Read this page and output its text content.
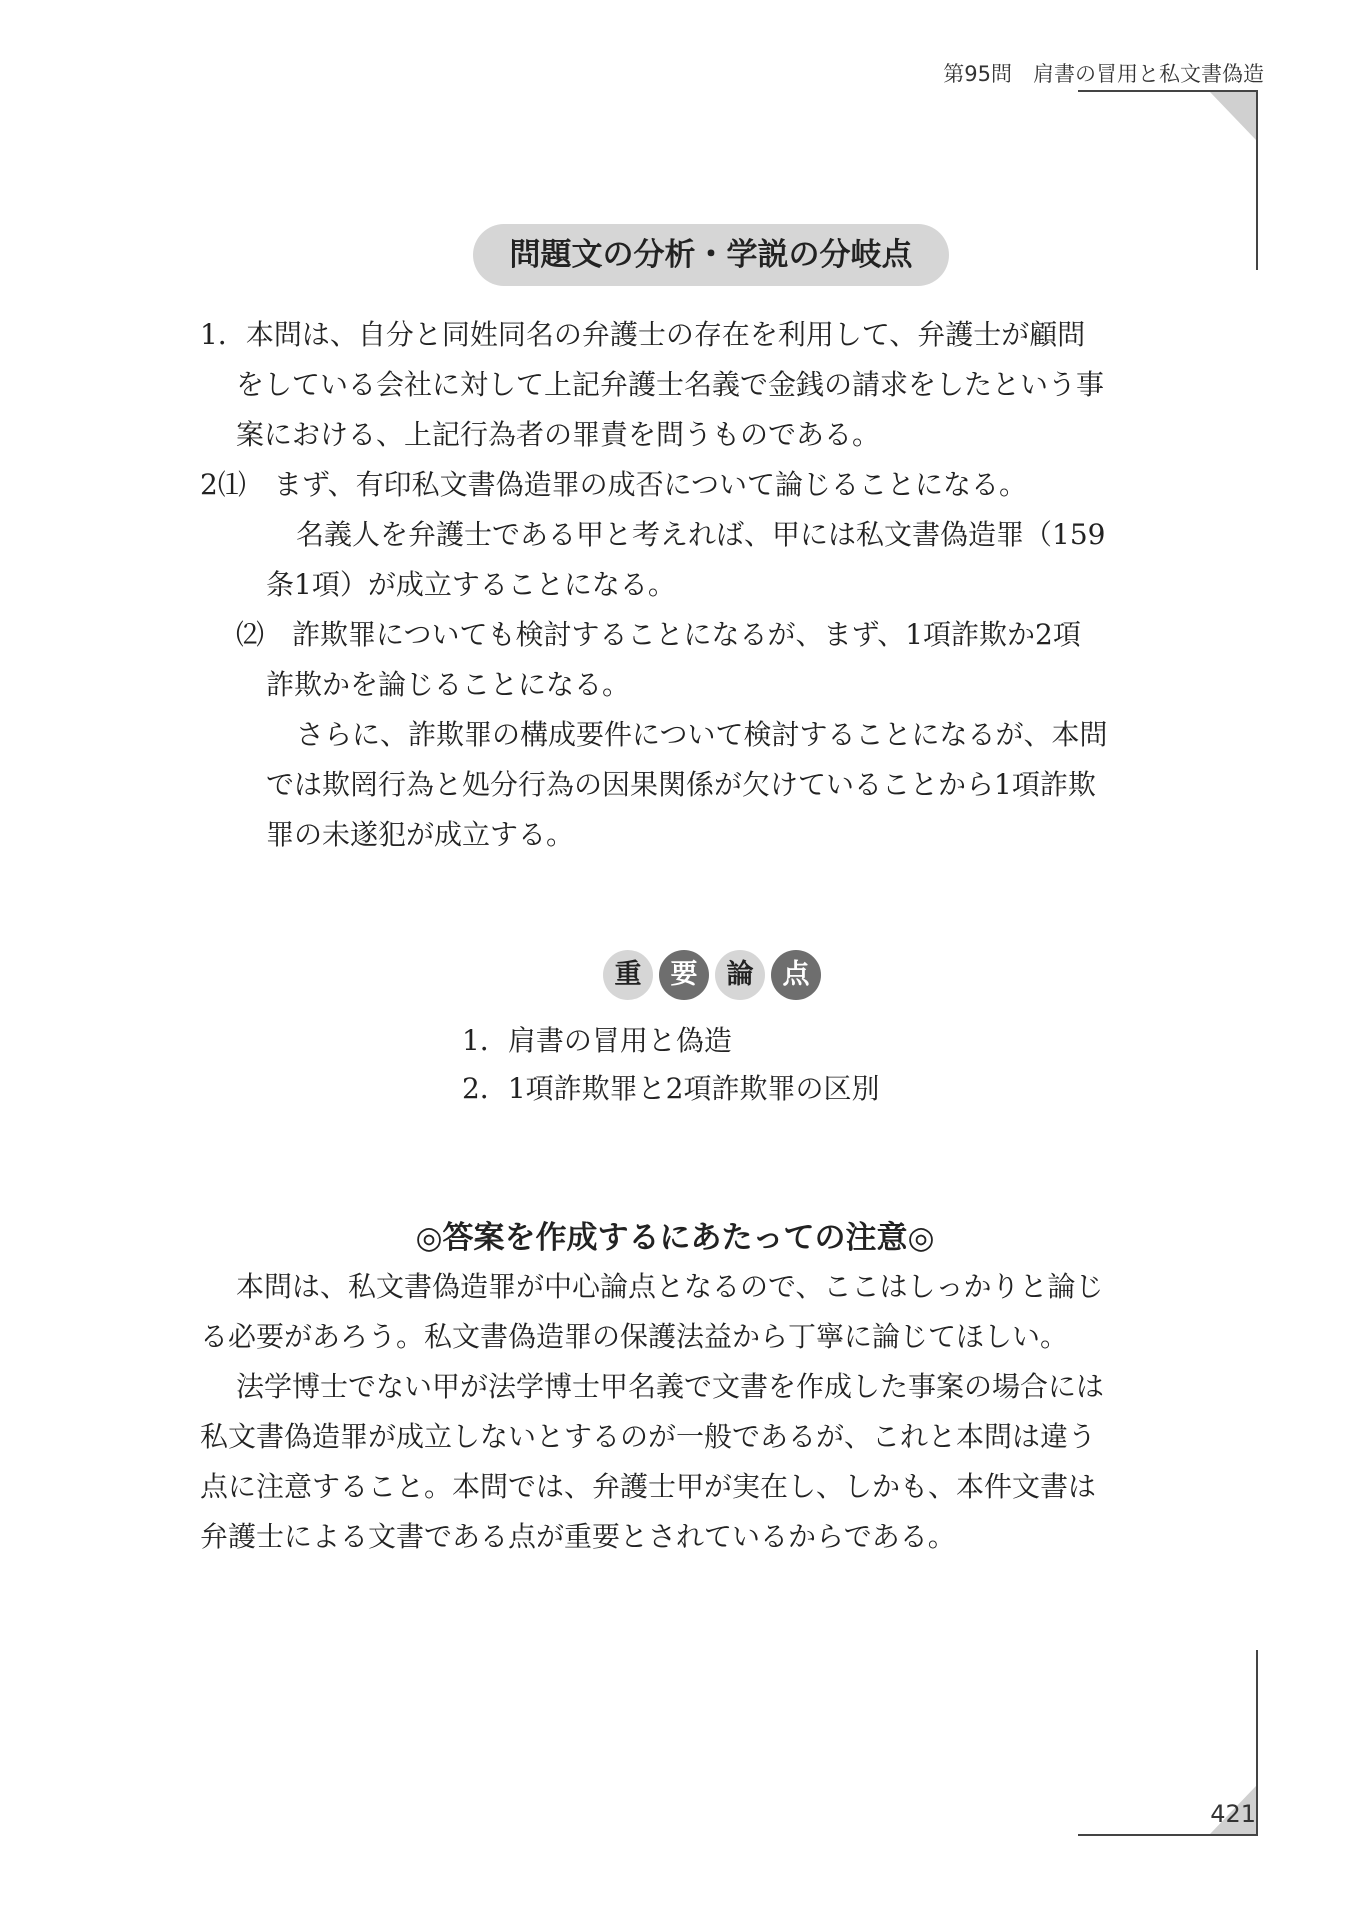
第95問　肩書の冒用と私文書偽造
問題文の分析・学説の分岐点
1．本問は、自分と同姓同名の弁護士の存在を利用して、弁護士が顧問
をしている会社に対して上記弁護士名義で金銭の請求をしたという事
案における、上記行為者の罪責を問うものである。
2⑴　まず、有印私文書偽造罪の成否について論じることになる。
名義人を弁護士である甲と考えれば、甲には私文書偽造罪（159
条1項）が成立することになる。
⑵　詐欺罪についても検討することになるが、まず、1項詐欺か2項
詐欺かを論じることになる。
さらに、詐欺罪の構成要件について検討することになるが、本問
では欺罔行為と処分行為の因果関係が欠けていることから1項詐欺
罪の未遂犯が成立する。
重	要	論	点
1．肩書の冒用と偽造
2．1項詐欺罪と2項詐欺罪の区別
◎答案を作成するにあたっての注意◎
本問は、私文書偽造罪が中心論点となるので、ここはしっかりと論じ
る必要があろう。私文書偽造罪の保護法益から丁寧に論じてほしい。
法学博士でない甲が法学博士甲名義で文書を作成した事案の場合には
私文書偽造罪が成立しないとするのが一般であるが、これと本問は違う
点に注意すること。本問では、弁護士甲が実在し、しかも、本件文書は
弁護士による文書である点が重要とされているからである。
421
